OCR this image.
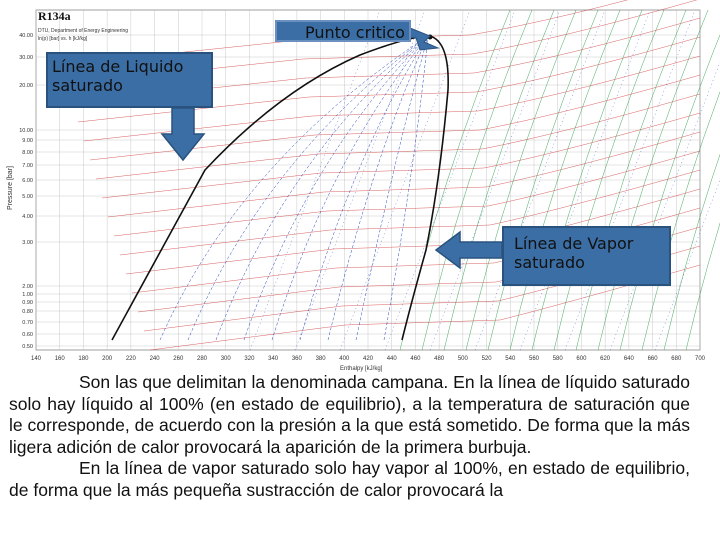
140 160 180 200 220 240 260 280 300 320 340 360 380 400 420 440 460 480 500 520 540 560 580 600 620 640 660 680 700
40.00
30.00
20.00
10.00
9.00
8.00
7.00
6.00
5.00
4.00
3.00
2.00
1.00
0.90
0.80
0.70
0.60
0.50
R134a
DTU, Department of Energy Engineering
ln(p) [bar] vs. h [kJ/kg]
Pressure [bar]
Enthalpy [kJ/kg]
Punto critico
Línea de Liquido saturado
Línea de Vapor saturado

Son las que delimitan la denominada campana. En la línea de líquido saturado solo hay líquido al 100% (en estado de equilibrio), a la temperatura de saturación que le corresponde, de acuerdo con la presión a la que está sometido. De forma que la más ligera adición de calor provocará la aparición de la primera burbuja.

En la línea de vapor saturado solo hay vapor al 100%, en estado de equilibrio, de forma que la más pequeña sustracción de calor provocará la
